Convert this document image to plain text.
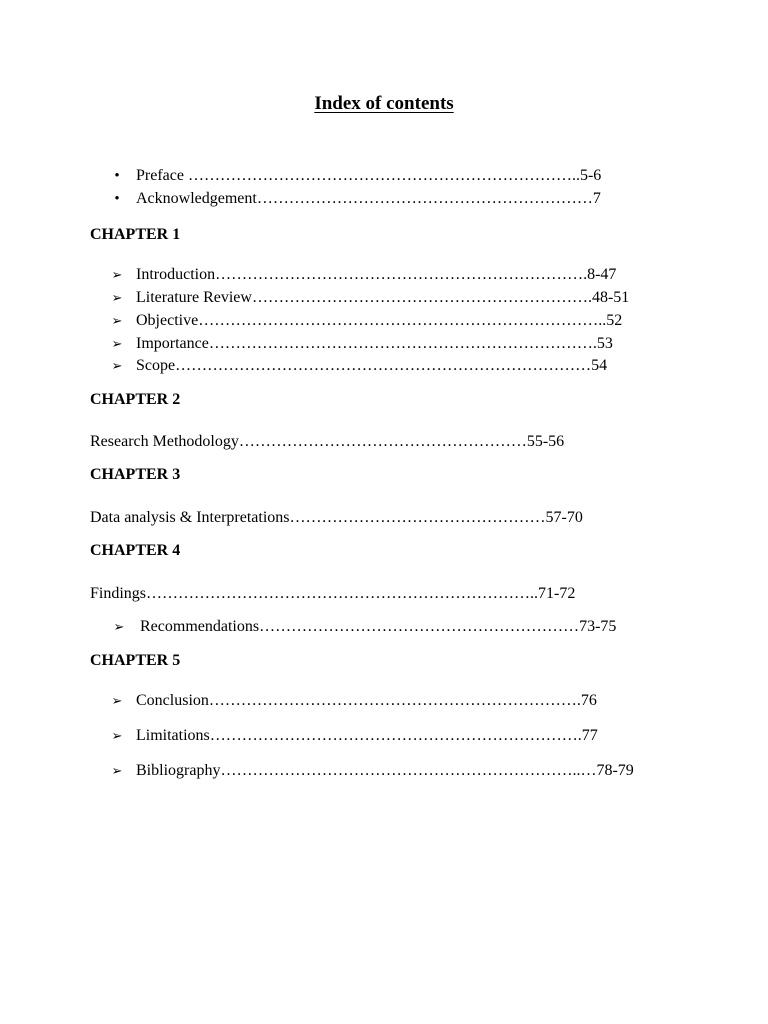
Index of contents
•	Preface ………………………………………………………………..5-6
•	Acknowledgement………………………………………………………7
CHAPTER 1
➢ Introduction…………………………………………………………….8-47
➢ Literature Review……………………………………………………….48-51
➢ Objective…………………………………………………………………..52
➢ Importance……………………………………………………………….53
➢ Scope……………………………………………………………………54
CHAPTER 2
Research Methodology………………………………………………55-56
CHAPTER 3
Data analysis & Interpretations…………………………………………57-70
CHAPTER 4
Findings………………………………………………………………..71-72
➢ Recommendations……………………………………………………73-75
CHAPTER 5
➢ Conclusion…………………………………………………………….76
➢ Limitations…………………………………………………………….77
➢ Bibliography…………………………………………………………..…78-79
